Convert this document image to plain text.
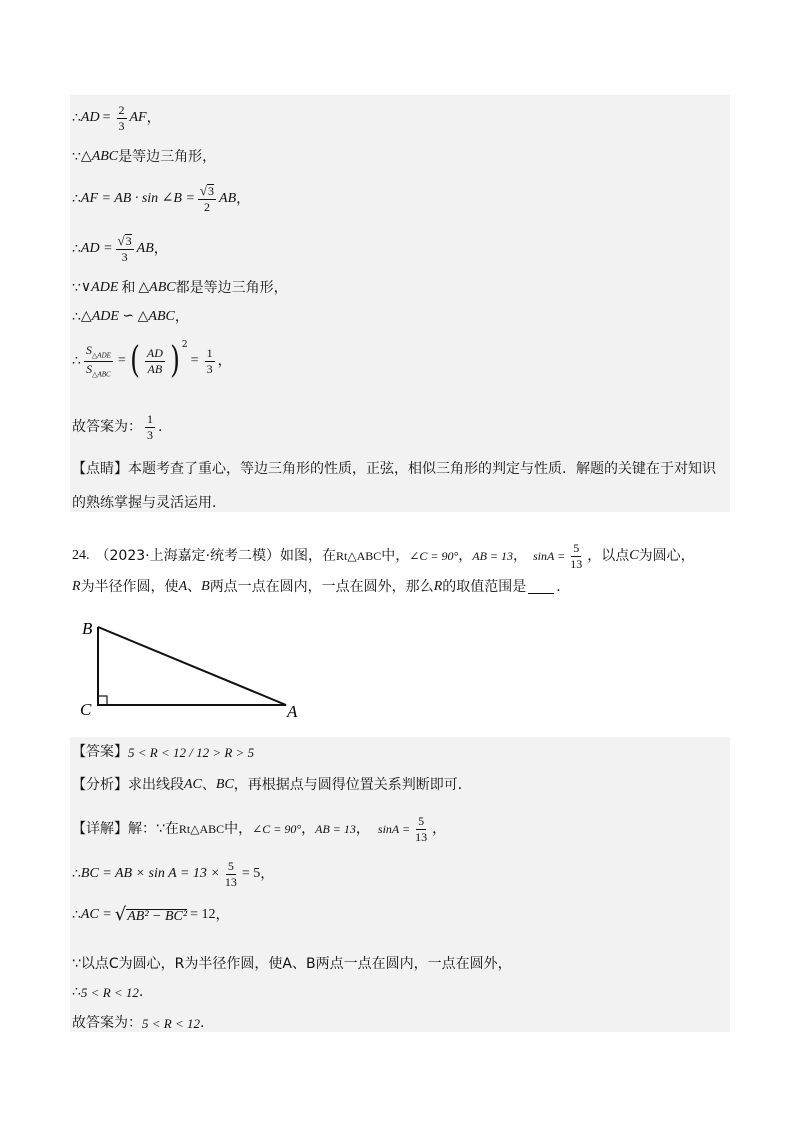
∴ AD = $\frac{2}{3}$ AF ，
∵ △ABC 是等边三角形，
∴ AF = AB · sin ∠B = $\frac{√ 3}{2}$ AB ，
∴ AD = $\frac{√ 3}{3}$ AB ，
∵ ∨ADE 和 △ABC 都是等边三角形，
∴ △ADE ∽ △ABC ，
∴ $\frac{S_{\triangle ADE}}{S_{\triangle ABC}}$ = ( $\frac{AD}{AB} )^2$
= $\frac{1}{3}$ ，
故答案为： $\frac{1}{3}$ .
【点睛】本题考查了重心，等边三角形的性质，正弦，相似三角形的判定与性质．解题的关键在于对知识
的熟练掌握与灵活运用．
24. （2023·上海嘉定·统考二模） 如图，在 Rt△ABC 中， ∠C = 90° ， AB = 13 ， $\sin A = \frac{5}{13}$ ，以点 C 为圆心，
R 为半径作圆，使 A 、 B 两点一点在圆内，一点在圆外，那么 R 的取值范围是 ．
B
C	A
【答案】 5 < R < 12 / 12 > R > 5
【分析】 求出线段 AC 、 BC ，再根据点与圆得位置关系判断即可．
【详解】 解：∵在 Rt△ABC 中， ∠C = 90° ， AB = 13 ， $\sin A = \frac{5}{13}$ ，
∴ BC = AB × $\sin A = 13 \times \frac{5}{13} = 5$ ，
∴ AC = √ AB² − BC² = 12 ，
∵以点C为圆心，R为半径作圆，使A、B两点一点在圆内，一点在圆外，
∴ 5 < R < 12 .
故答案为： 5 < R < 12 .
